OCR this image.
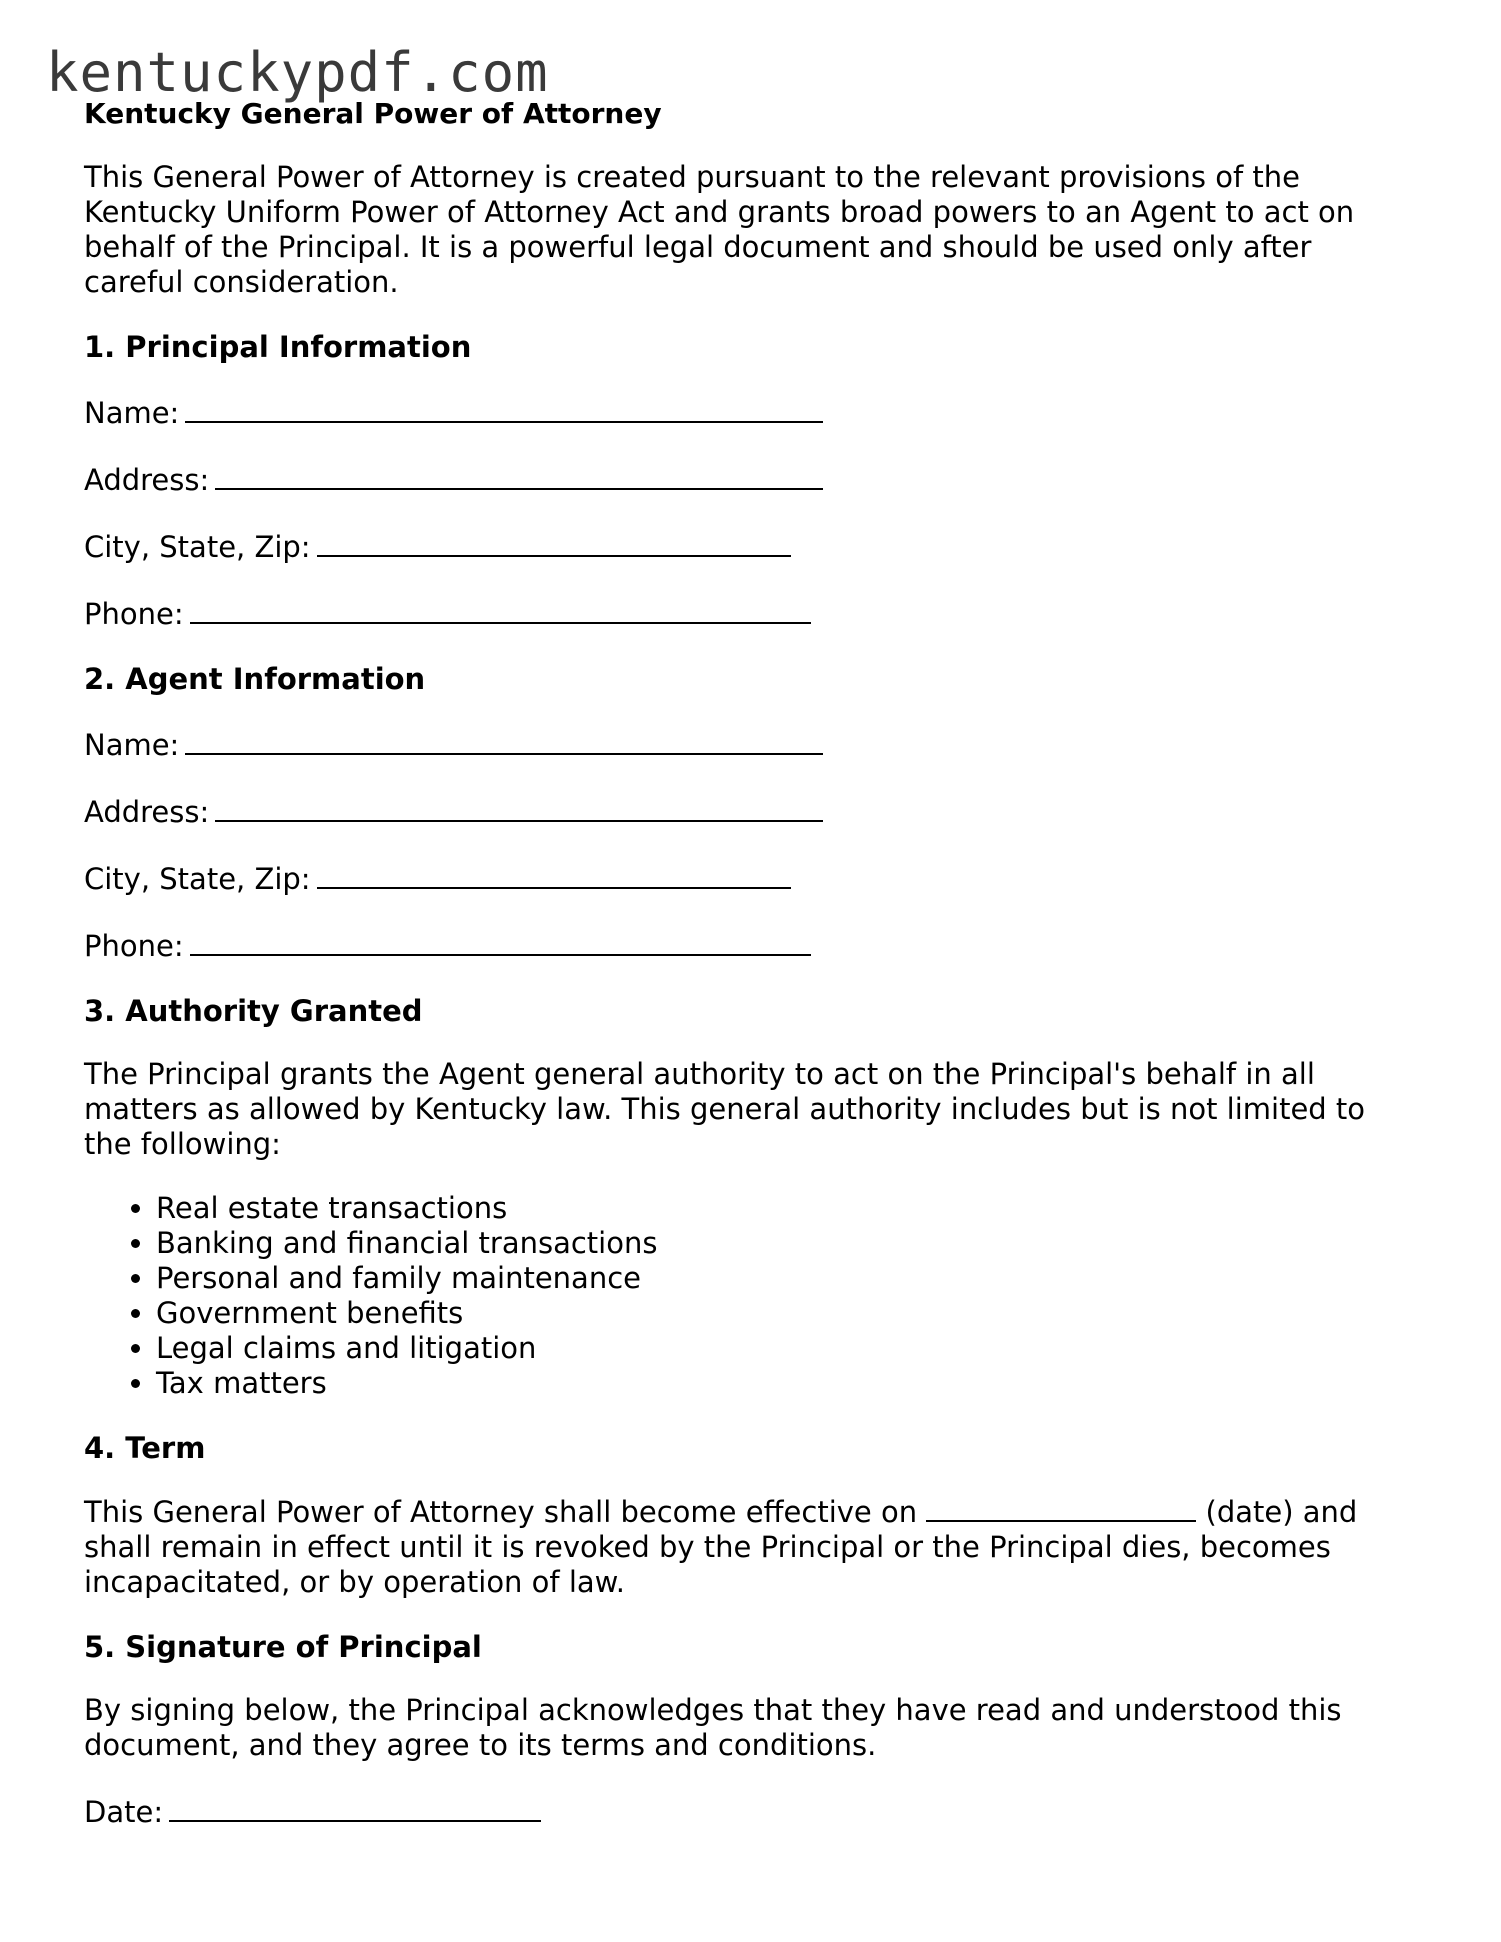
kentuckypdf.com
Kentucky General Power of Attorney

This General Power of Attorney is created pursuant to the relevant provisions of the Kentucky Uniform Power of Attorney Act and grants broad powers to an Agent to act on behalf of the Principal. It is a powerful legal document and should be used only after careful consideration.

1. Principal Information
Name:
Address:
City, State, Zip:
Phone:
2. Agent Information
Name:
Address:
City, State, Zip:
Phone:
3. Authority Granted

The Principal grants the Agent general authority to act on the Principal's behalf in all matters as allowed by Kentucky law. This general authority includes but is not limited to the following:

• Real estate transactions
• Banking and financial transactions
• Personal and family maintenance
• Government benefits
• Legal claims and litigation
• Tax matters
4. Term

This General Power of Attorney shall become effective on	(date) and shall remain in effect until it is revoked by the Principal or the Principal dies, becomes incapacitated, or by operation of law.

5. Signature of Principal

By signing below, the Principal acknowledges that they have read and understood this document, and they agree to its terms and conditions.

Date:
